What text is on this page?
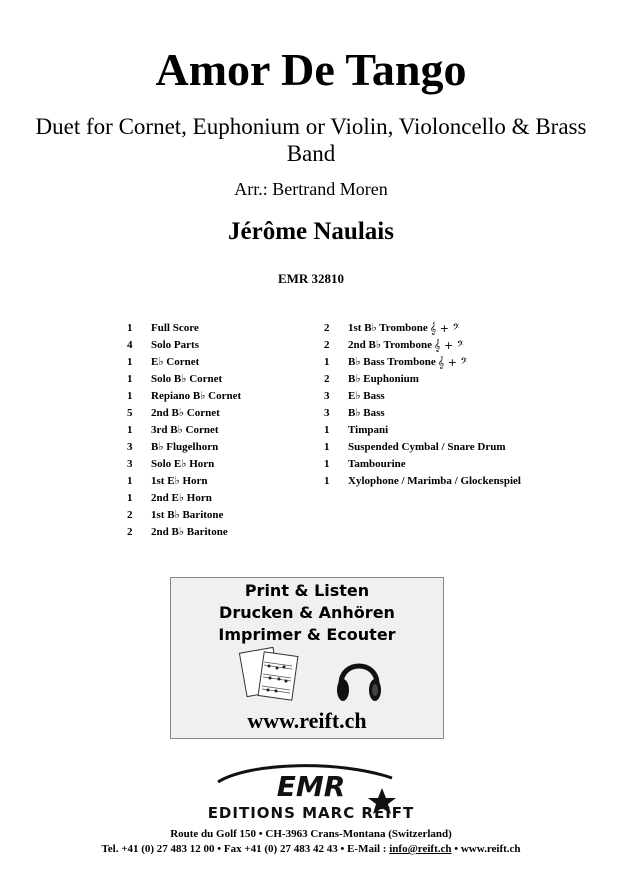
Amor De Tango
Duet for Cornet, Euphonium or Violin, Violoncello & Brass Band
Arr.: Bertrand Moren
Jérôme Naulais
EMR 32810
1	Full Score
4	Solo Parts
1	E♭ Cornet
1	Solo B♭ Cornet
1	Repiano B♭ Cornet
5	2nd B♭ Cornet
1	3rd B♭ Cornet
3	B♭ Flugelhorn
3	Solo E♭ Horn
1	1st E♭ Horn
1	2nd E♭ Horn
2	1st B♭ Baritone
2	2nd B♭ Baritone
2	1st B♭ Trombone 𝄞 + 𝄢
2	2nd B♭ Trombone 𝄞 + 𝄢
1	B♭ Bass Trombone 𝄞 + 𝄢
2	B♭ Euphonium
3	E♭ Bass
3	B♭ Bass
1	Timpani
1	Suspended Cymbal / Snare Drum
1	Tambourine
1	Xylophone / Marimba / Glockenspiel
Print & Listen
Drucken & Anhören
Imprimer & Ecouter
www.reift.ch
EMR
EDITIONS MARC REIFT
Route du Golf 150 • CH-3963 Crans-Montana (Switzerland)
Tel. +41 (0) 27 483 12 00 • Fax +41 (0) 27 483 42 43 • E-Mail : info@reift.ch • www.reift.ch
